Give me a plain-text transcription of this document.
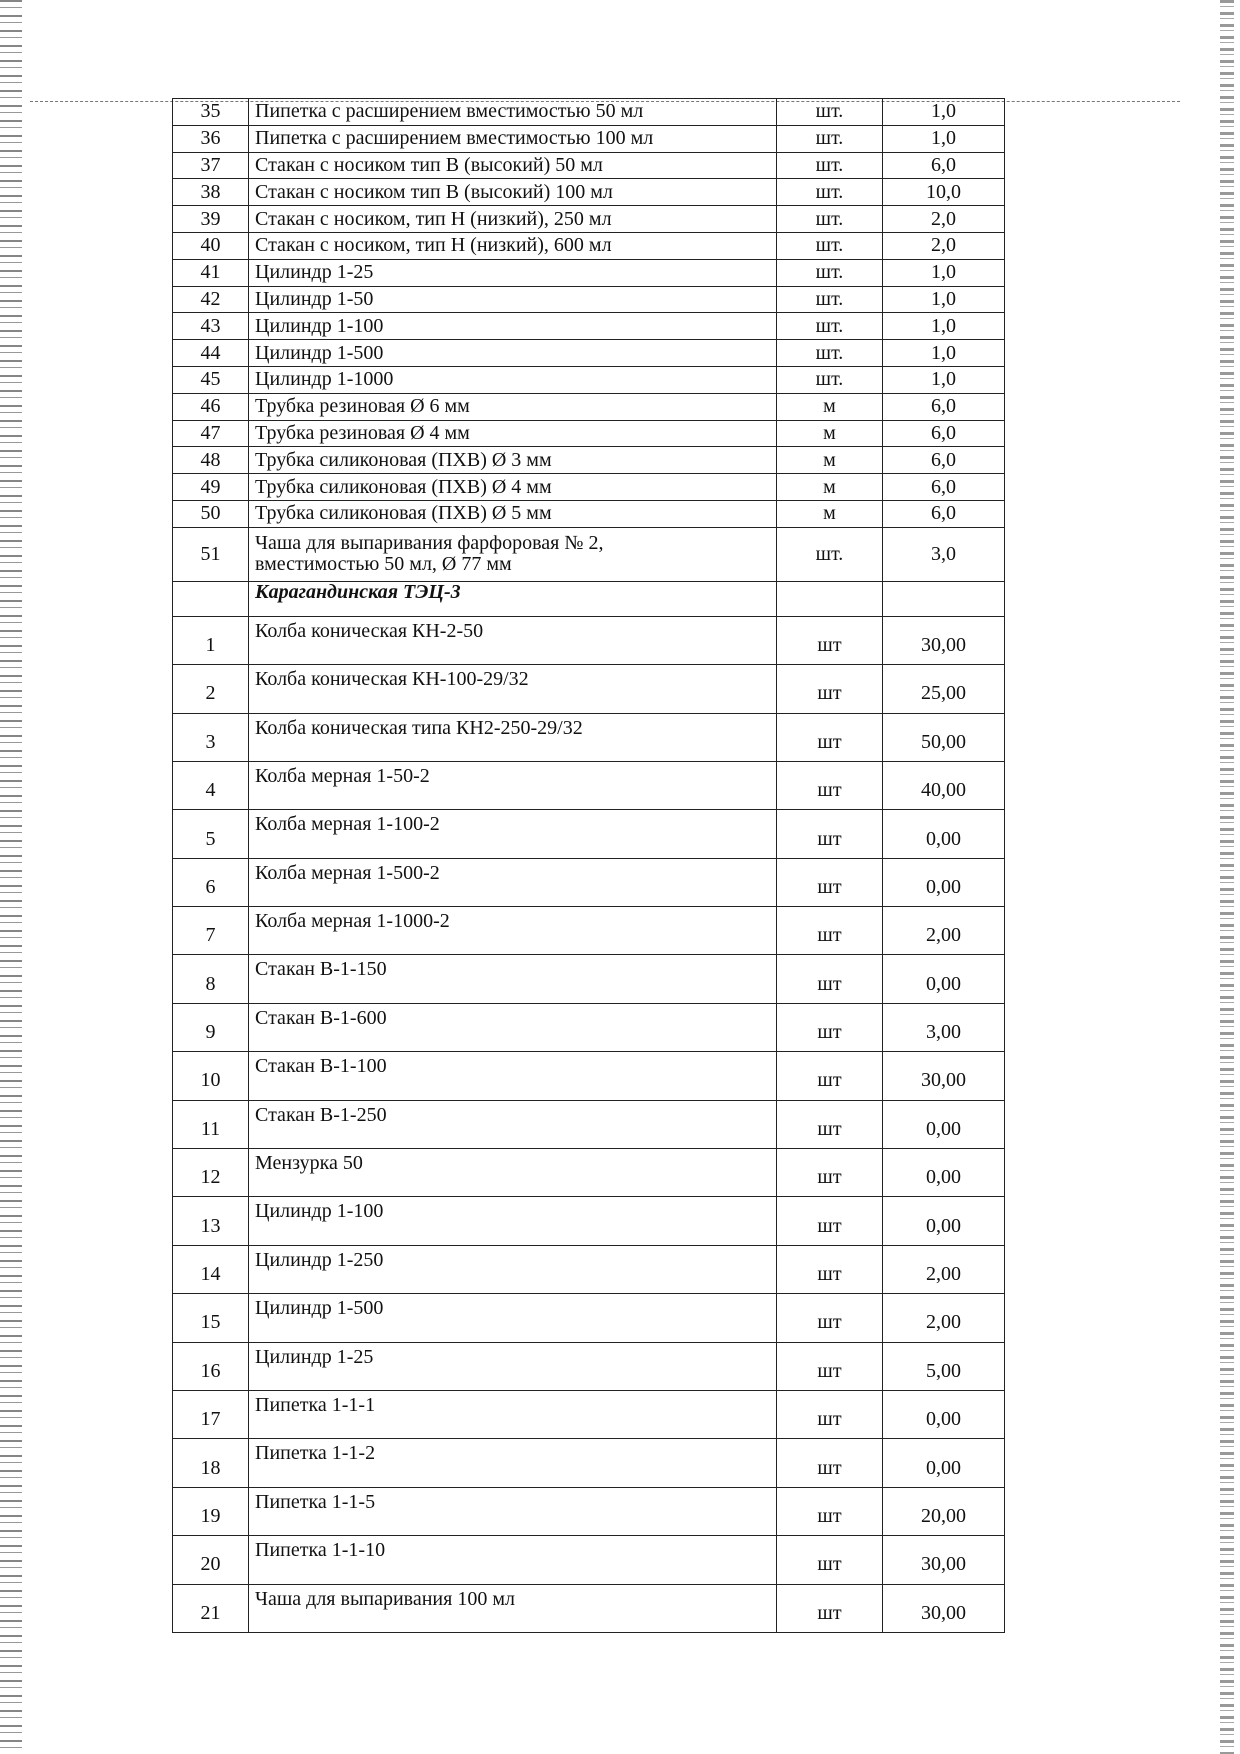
35	Пипетка с расширением вместимостью 50 мл	шт.	1,0
36	Пипетка с расширением вместимостью 100 мл	шт.	1,0
37	Стакан с носиком тип В (высокий) 50 мл	шт.	6,0
38	Стакан с носиком тип В (высокий) 100 мл	шт.	10,0
39	Стакан с носиком, тип Н (низкий), 250 мл	шт.	2,0
40	Стакан с носиком, тип Н (низкий), 600 мл	шт.	2,0
41	Цилиндр 1-25	шт.	1,0
42	Цилиндр 1-50	шт.	1,0
43	Цилиндр 1-100	шт.	1,0
44	Цилиндр 1-500	шт.	1,0
45	Цилиндр 1-1000	шт.	1,0
46	Трубка резиновая Ø 6 мм	м	6,0
47	Трубка резиновая Ø 4 мм	м	6,0
48	Трубка силиконовая (ПХВ) Ø 3 мм	м	6,0
49	Трубка силиконовая (ПХВ) Ø 4 мм	м	6,0
50	Трубка силиконовая (ПХВ) Ø 5 мм	м	6,0
51	Чаша для выпаривания фарфоровая № 2,
вместимостью 50 мл, Ø 77 мм	шт.	3,0
	Карагандинская ТЭЦ-3		
1	Колба коническая КН-2-50	шт	30,00
2	Колба коническая КН-100-29/32	шт	25,00
3	Колба коническая типа КН2-250-29/32	шт	50,00
4	Колба мерная 1-50-2	шт	40,00
5	Колба мерная 1-100-2	шт	0,00
6	Колба мерная 1-500-2	шт	0,00
7	Колба мерная 1-1000-2	шт	2,00
8	Стакан В-1-150	шт	0,00
9	Стакан В-1-600	шт	3,00
10	Стакан В-1-100	шт	30,00
11	Стакан В-1-250	шт	0,00
12	Мензурка 50	шт	0,00
13	Цилиндр 1-100	шт	0,00
14	Цилиндр 1-250	шт	2,00
15	Цилиндр 1-500	шт	2,00
16	Цилиндр 1-25	шт	5,00
17	Пипетка 1-1-1	шт	0,00
18	Пипетка 1-1-2	шт	0,00
19	Пипетка 1-1-5	шт	20,00
20	Пипетка 1-1-10	шт	30,00
21	Чаша для выпаривания 100 мл	шт	30,00
